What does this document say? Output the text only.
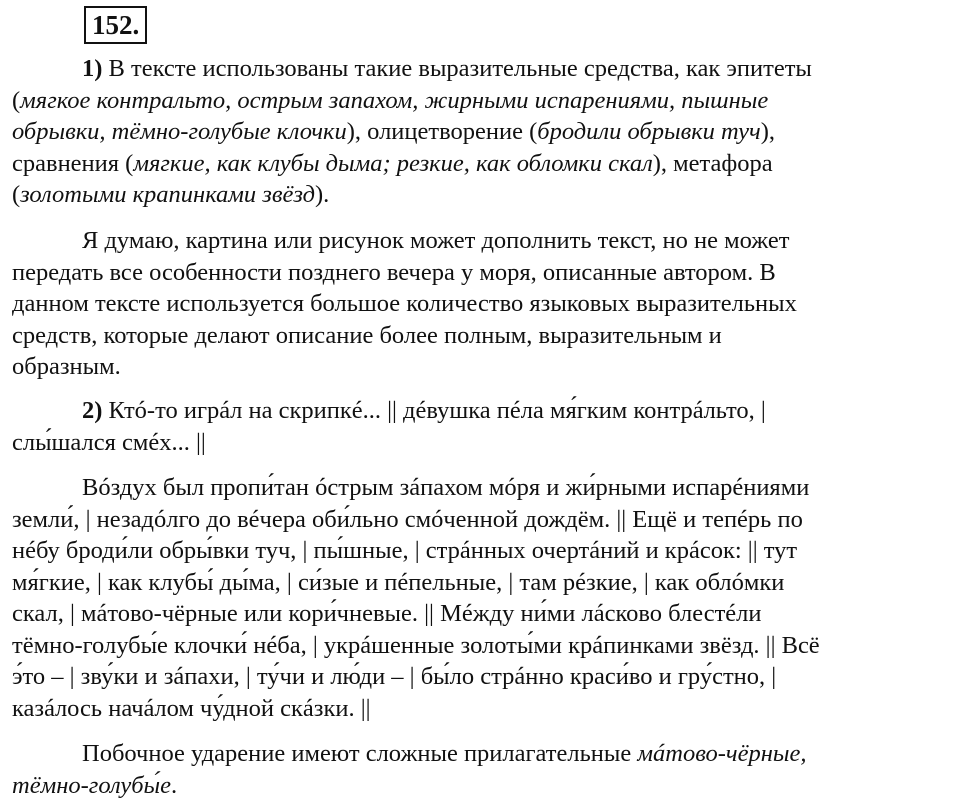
152.

1) В тексте использованы такие выразительные средства, как эпитеты
(мягкое контральто, острым запахом, жирными испарениями, пышные
обрывки, тёмно-голубые клочки), олицетворение (бродили обрывки туч),
сравнения (мягкие, как клубы дыма; резкие, как обломки скал), метафора
(золотыми крапинками звёзд).

Я думаю, картина или рисунок может дополнить текст, но не может
передать все особенности позднего вечера у моря, описанные автором. В
данном тексте используется большое количество языковых выразительных
средств, которые делают описание более полным, выразительным и
образным.

2) Ктó-то игрáл на скрипкé... || дéвушка пéла мя́гким контрáльто, |
слы́шался смéх... ||

Вóздух был пропи́тан óстрым зáпахом мóря и жи́рными испарéниями
земли́, | незадóлго до вéчера оби́льно смóченной дождём. || Ещё и тепéрь по
нéбу броди́ли обры́вки туч, | пы́шные, | стрáнных очертáний и крáсок: || тут
мя́гкие, | как клубы́ ды́ма, | си́зые и пéпельные, | там рéзкие, | как облóмки
скал, | мáтово-чёрные или кори́чневые. || Мéжду ни́ми лáсково блестéли
тёмно-голубы́е клочки́ нéба, | укрáшенные золоты́ми крáпинками звёзд. || Всё
э́то – | зву́ки и зáпахи, | ту́чи и лю́ди – | бы́ло стрáнно краси́во и гру́стно, |
казáлось начáлом чу́дной скáзки. ||

Побочное ударение имеют сложные прилагательные мáтово-чёрные,
тёмно-голубы́е.
